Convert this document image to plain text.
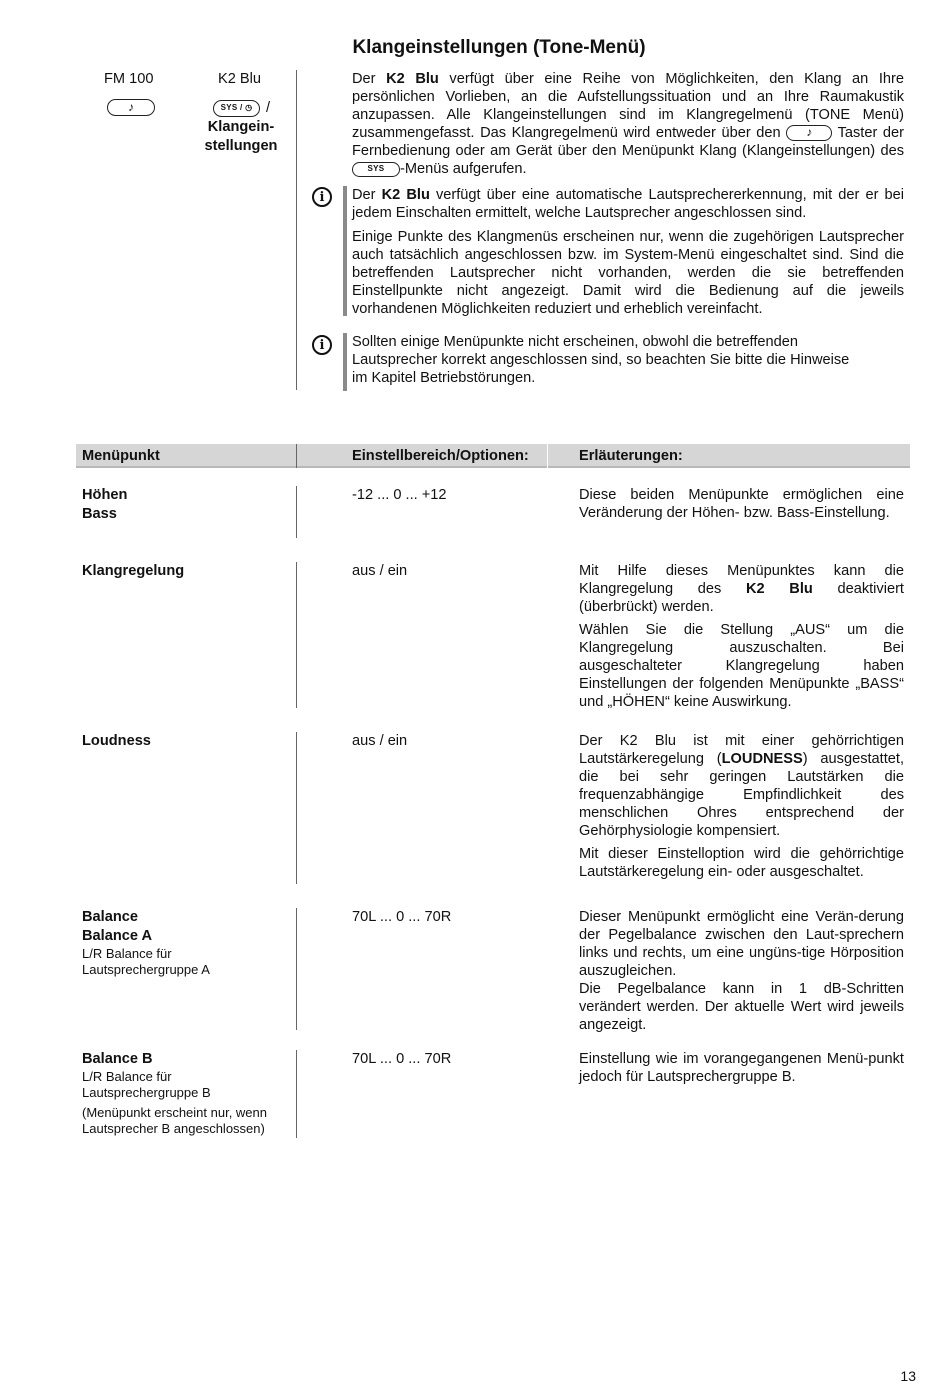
Klangeinstellungen (Tone-Menü)
FM 100	K2 Blu
♪	SYS / ◷ /
Klangein-
stellungen
Der K2 Blu verfügt über eine Reihe von Möglichkeiten, den Klang an Ihre persönlichen Vorlieben, an die Aufstellungssituation und an Ihre Raumakustik anzupassen. Alle Klangeinstellungen sind im Klangregelmenü (TONE Menü) zusammengefasst. Das Klangregelmenü wird entweder über den ♪ Taster der Fernbedienung oder am Gerät über den Menüpunkt Klang (Klangeinstellungen) des SYS -Menüs aufgerufen.
i	Der K2 Blu verfügt über eine automatische Lautsprechererkennung, mit der er bei jedem Einschalten ermittelt, welche Lautsprecher angeschlossen sind.
Einige Punkte des Klangmenüs erscheinen nur, wenn die zugehörigen Lautsprecher auch tatsächlich angeschlossen bzw. im System-Menü eingeschaltet sind. Sind die betreffenden Lautsprecher nicht vorhanden, werden die sie betreffenden Einstellpunkte nicht angezeigt. Damit wird die Bedienung auf die jeweils vorhandenen Möglichkeiten reduziert und erheblich vereinfacht.
i	Sollten einige Menüpunkte nicht erscheinen, obwohl die betreffenden
Lautsprecher korrekt angeschlossen sind, so beachten Sie bitte die Hinweise
im Kapitel Betriebstörungen.
Menüpunkt	Einstellbereich/Optionen:	Erläuterungen:
Höhen
Bass
-12 ... 0 ... +12	Diese beiden Menüpunkte ermöglichen eine Veränderung der Höhen- bzw. Bass-Einstellung.

Klangregelung	aus / ein	Mit Hilfe dieses Menüpunktes kann die Klangregelung des K2 Blu deaktiviert (überbrückt) werden.

Wählen Sie die Stellung „AUS“ um die Klangregelung auszuschalten. Bei ausgeschalteter Klangregelung haben Einstellungen der folgenden Menüpunkte „BASS“ und „HÖHEN“ keine Auswirkung.

Loudness	aus / ein	Der K2 Blu ist mit einer gehörrichtigen Lautstärkeregelung (LOUDNESS) ausgestattet, die bei sehr geringen Lautstärken die frequenzabhängige Empfindlichkeit des menschlichen Ohres entsprechend der Gehörphysiologie kompensiert.

Mit dieser Einstelloption wird die gehörrichtige Lautstärkeregelung ein- oder ausgeschaltet.

Balance
Balance A
L/R Balance für
Lautsprechergruppe A
70L ... 0 ... 70R	Dieser Menüpunkt ermöglicht eine Verän-derung der Pegelbalance zwischen den Laut-sprechern links und rechts, um eine ungüns-tige Hörposition auszugleichen.
Die Pegelbalance kann in 1 dB-Schritten verändert werden. Der aktuelle Wert wird jeweils angezeigt.
Balance B
L/R Balance für
Lautsprechergruppe B
(Menüpunkt erscheint nur, wenn
Lautsprecher B angeschlossen)
70L ... 0 ... 70R	Einstellung wie im vorangegangenen Menü-punkt jedoch für Lautsprechergruppe B.
13
